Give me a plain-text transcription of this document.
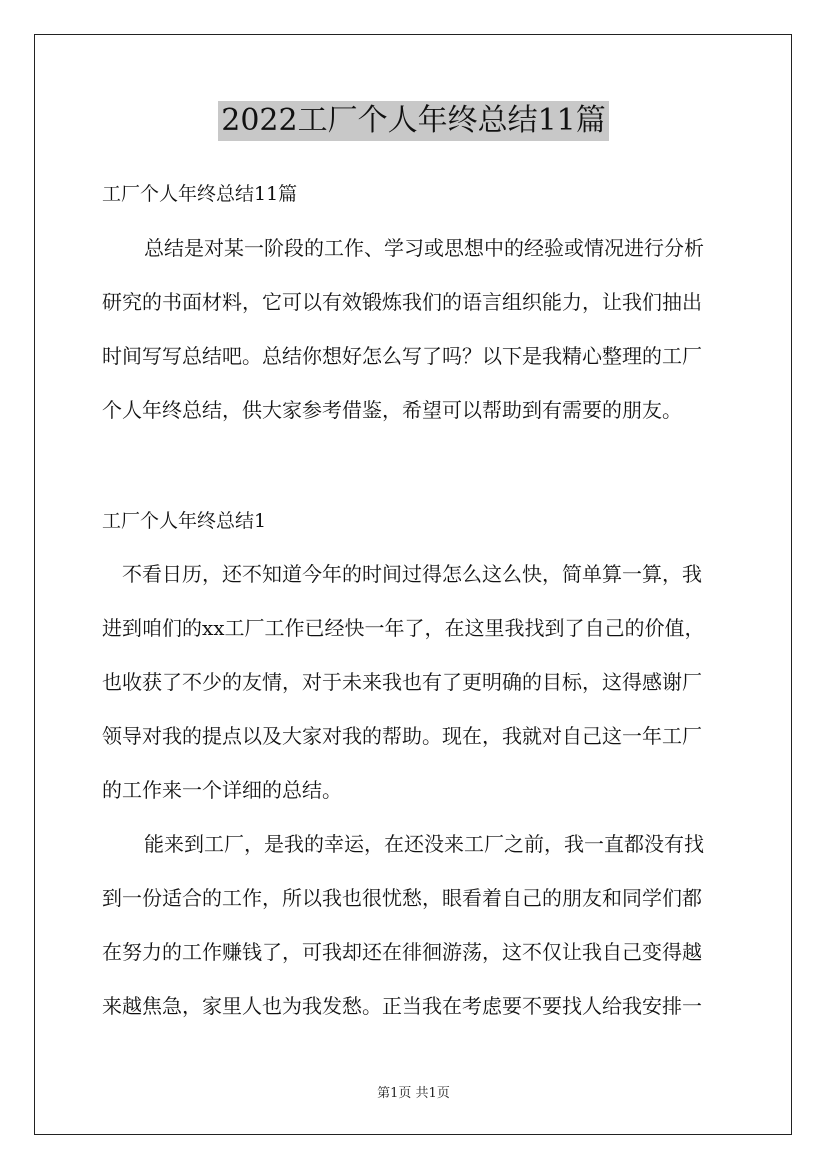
2022工厂个人年终总结11篇
工厂个人年终总结11篇
总结是对某一阶段的工作、学习或思想中的经验或情况进行分析
研究的书面材料，它可以有效锻炼我们的语言组织能力，让我们抽出
时间写写总结吧。总结你想好怎么写了吗？以下是我精心整理的工厂
个人年终总结，供大家参考借鉴，希望可以帮助到有需要的朋友。
工厂个人年终总结1
不看日历，还不知道今年的时间过得怎么这么快，简单算一算，我
进到咱们的xx工厂工作已经快一年了，在这里我找到了自己的价值，
也收获了不少的友情，对于未来我也有了更明确的目标，这得感谢厂
领导对我的提点以及大家对我的帮助。现在，我就对自己这一年工厂
的工作来一个详细的总结。
能来到工厂，是我的幸运，在还没来工厂之前，我一直都没有找
到一份适合的工作，所以我也很忧愁，眼看着自己的朋友和同学们都
在努力的工作赚钱了，可我却还在徘徊游荡，这不仅让我自己变得越
来越焦急，家里人也为我发愁。正当我在考虑要不要找人给我安排一
第1页 共1页
